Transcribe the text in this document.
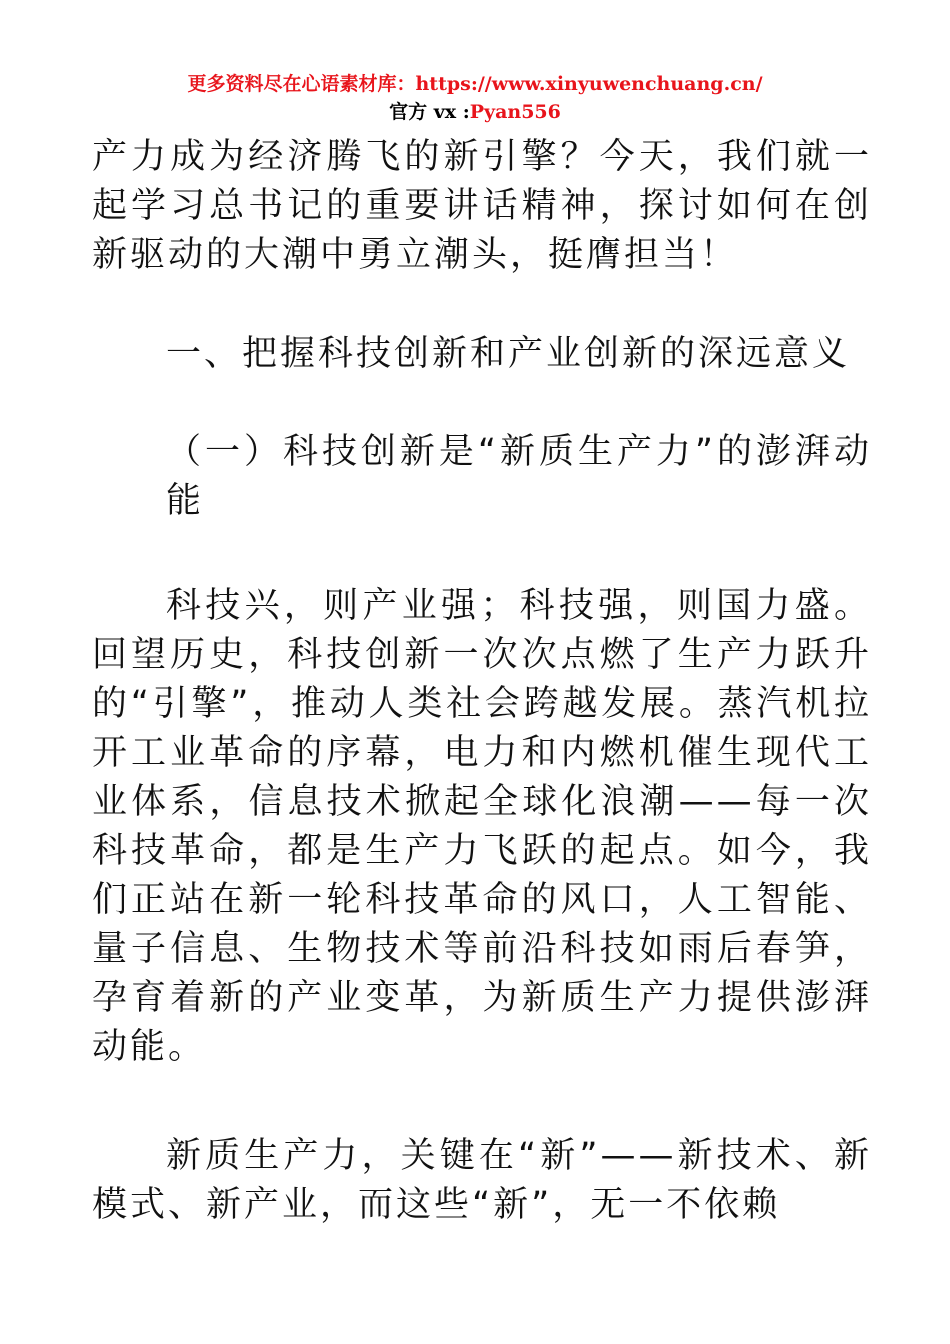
更多资料尽在心语素材库：https://www.xinyuwenchuang.cn/
官方 vx :Pyan556

产力成为经济腾飞的新引擎？今天，我们就一起学习总书记的重要讲话精神，探讨如何在创新驱动的大潮中勇立潮头，挺膺担当！

一、把握科技创新和产业创新的深远意义
（一）科技创新是“新质生产力”的澎湃动能

科技兴，则产业强；科技强，则国力盛。回望历史，科技创新一次次点燃了生产力跃升的“引擎”，推动人类社会跨越发展。蒸汽机拉开工业革命的序幕，电力和内燃机催生现代工业体系，信息技术掀起全球化浪潮——每一次科技革命，都是生产力飞跃的起点。如今，我们正站在新一轮科技革命的风口，人工智能、量子信息、生物技术等前沿科技如雨后春笋，孕育着新的产业变革，为新质生产力提供澎湃动能。

新质生产力，关键在“新”——新技术、新模式、新产业，而这些“新”，无一不依赖
